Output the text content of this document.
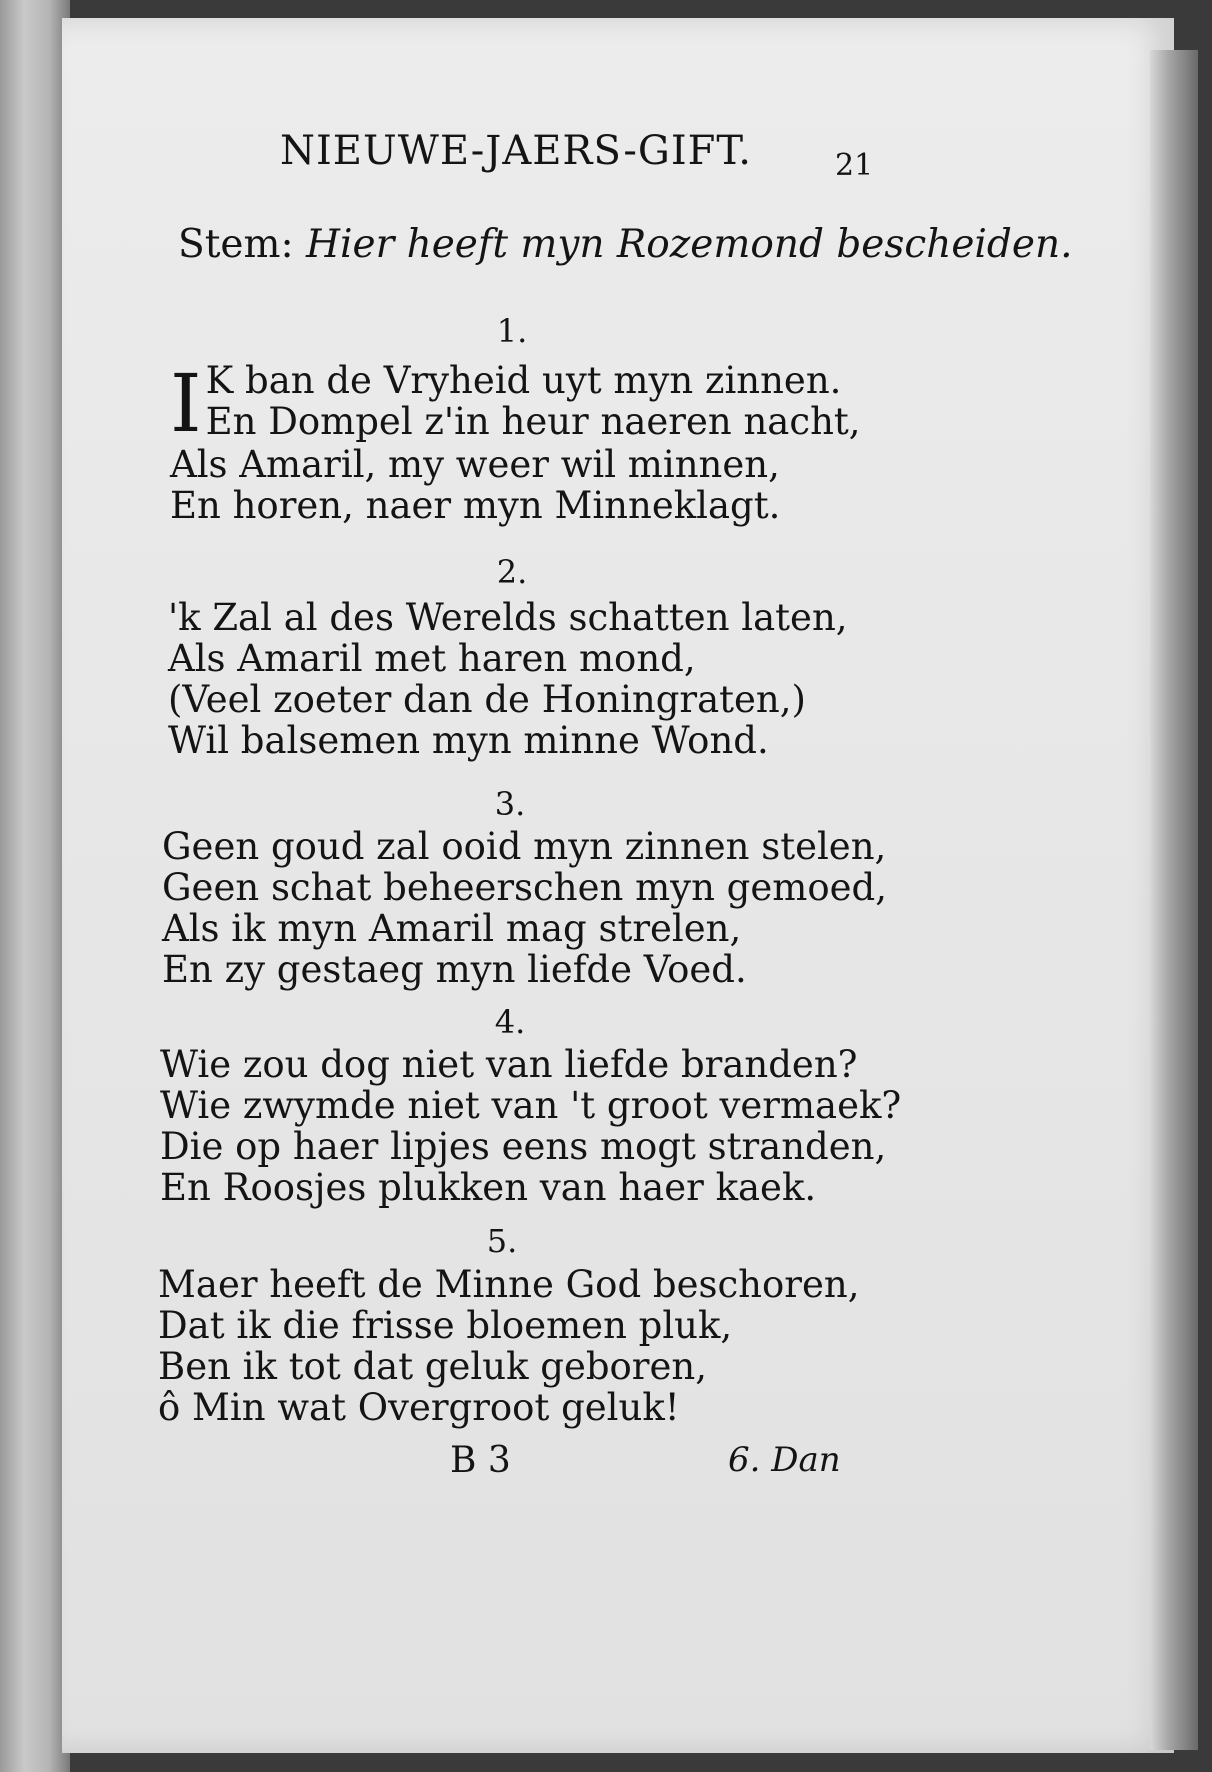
NIEUWE-JAERS-GIFT.	21
Stem: Hier heeft myn Rozemond bescheiden.
1.
I K ban de Vryheid uyt myn zinnen.
En Dompel z'in heur naeren nacht,
Als Amaril, my weer wil minnen,
En horen, naer myn Minneklagt.
2.
'k Zal al des Werelds schatten laten,
Als Amaril met haren mond,
(Veel zoeter dan de Honingraten,)
Wil balsemen myn minne Wond.
3.
Geen goud zal ooid myn zinnen stelen,
Geen schat beheerschen myn gemoed,
Als ik myn Amaril mag strelen,
En zy gestaeg myn liefde Voed.
4.
Wie zou dog niet van liefde branden?
Wie zwymde niet van 't groot vermaek?
Die op haer lipjes eens mogt stranden,
En Roosjes plukken van haer kaek.
5.
Maer heeft de Minne God beschoren,
Dat ik die frisse bloemen pluk,
Ben ik tot dat geluk geboren,
ô Min wat Overgroot geluk!
B 3	6. Dan
